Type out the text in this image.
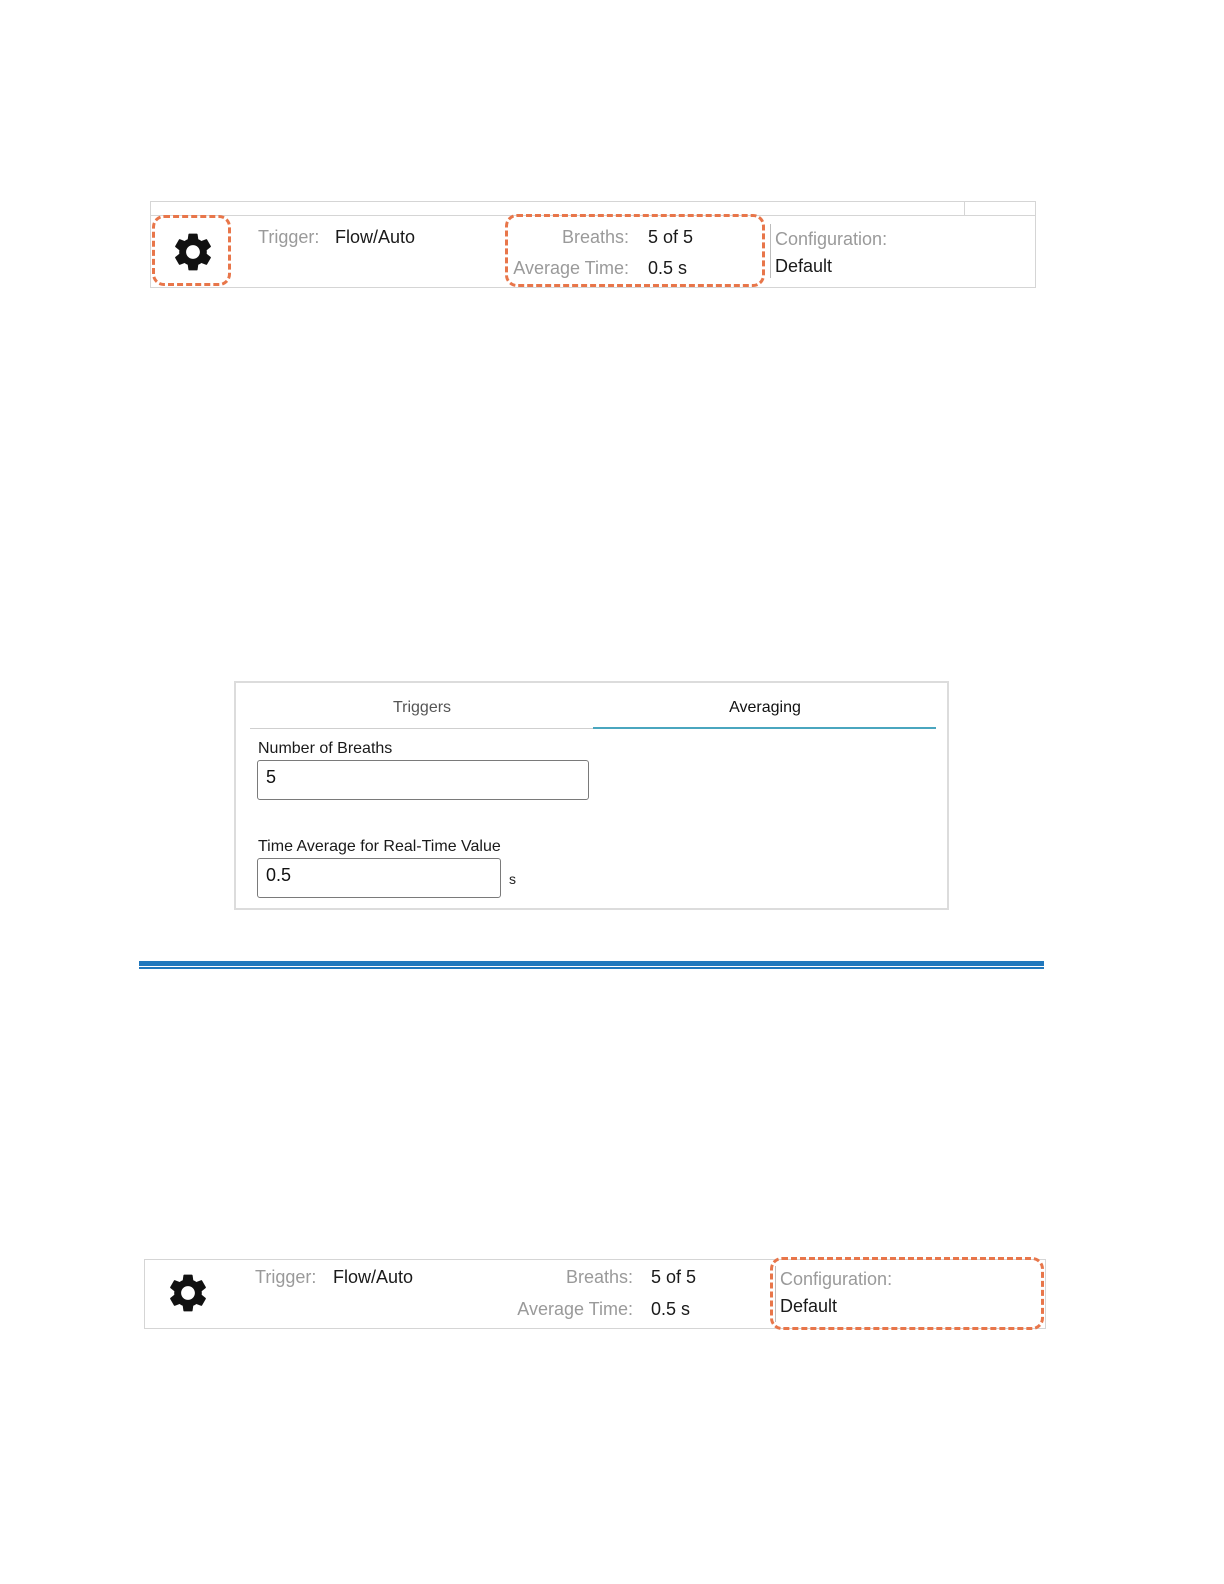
Trigger: Flow/Auto	Breaths: 5 of 5
Average Time: 0.5 s
Configuration:
Default
Triggers	Averaging
Number of Breaths
5
Time Average for Real-Time Value
0.5	s
Trigger: Flow/Auto	Breaths: 5 of 5
Average Time: 0.5 s
Configuration:
Default
